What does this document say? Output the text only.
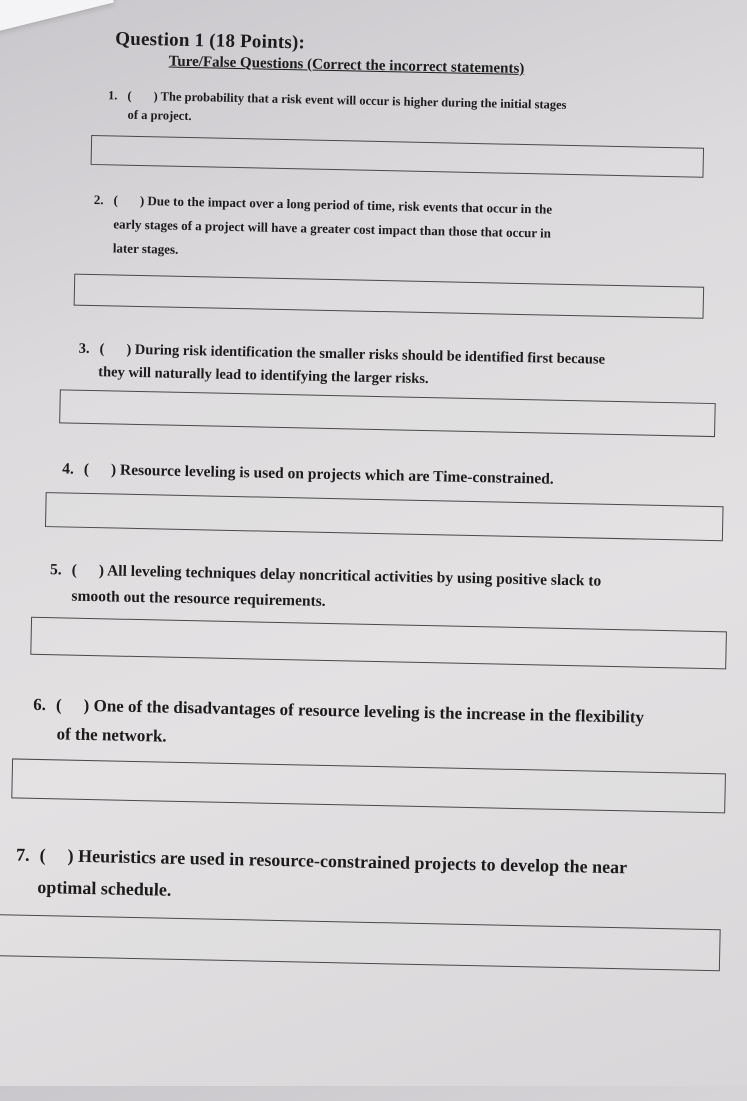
Question 1 (18 Points):
Ture/False Questions (Correct the incorrect statements)
1. ( ) The probability that a risk event will occur is higher during the initial stages
of a project.
2. ( ) Due to the impact over a long period of time, risk events that occur in the
early stages of a project will have a greater cost impact than those that occur in
later stages.
3. ( ) During risk identification the smaller risks should be identified first because
they will naturally lead to identifying the larger risks.
4. ( ) Resource leveling is used on projects which are Time-constrained.
5. ( ) All leveling techniques delay noncritical activities by using positive slack to
smooth out the resource requirements.
6. ( ) One of the disadvantages of resource leveling is the increase in the flexibility
of the network.
7. ( ) Heuristics are used in resource-constrained projects to develop the near
optimal schedule.
